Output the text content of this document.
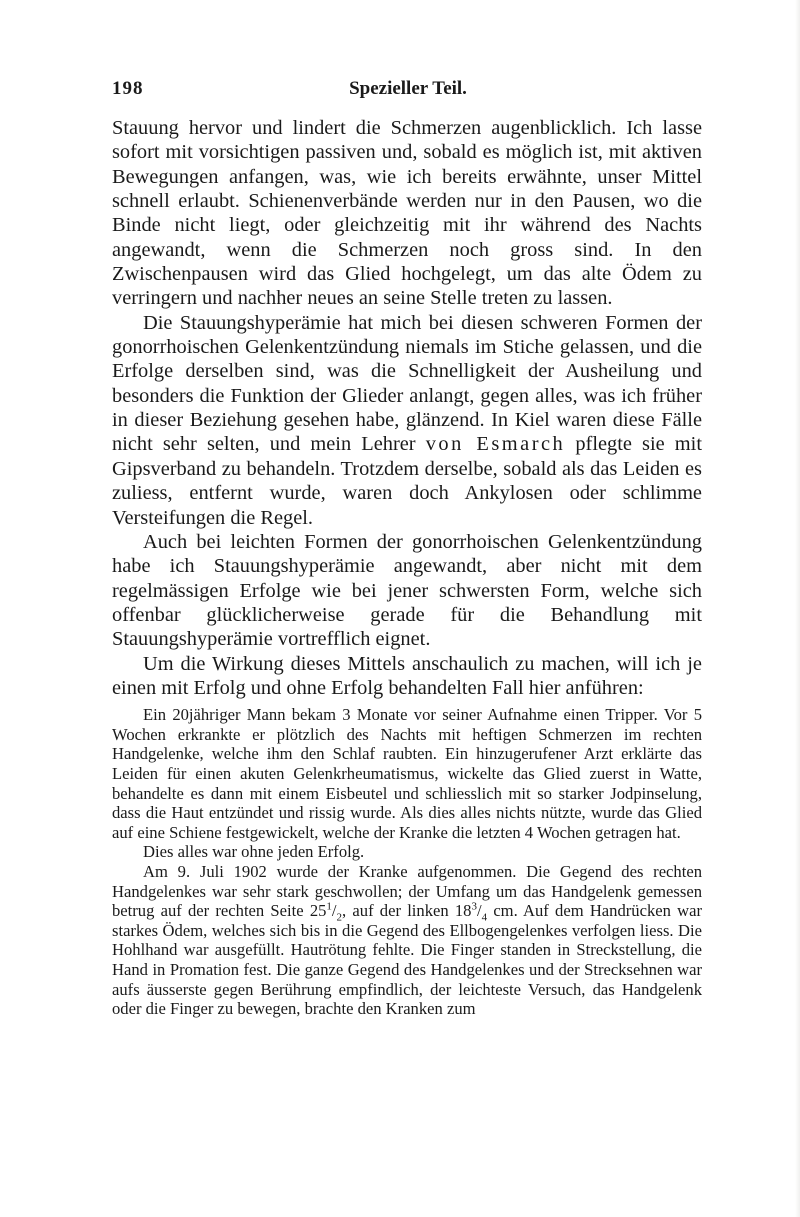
198	Spezieller Teil.

Stauung hervor und lindert die Schmerzen augenblicklich. Ich lasse sofort mit vorsichtigen passiven und, sobald es möglich ist, mit aktiven Bewegungen anfangen, was, wie ich bereits erwähnte, unser Mittel schnell erlaubt. Schienenverbände werden nur in den Pausen, wo die Binde nicht liegt, oder gleichzeitig mit ihr während des Nachts angewandt, wenn die Schmerzen noch gross sind. In den Zwischenpausen wird das Glied hochgelegt, um das alte Ödem zu verringern und nachher neues an seine Stelle treten zu lassen.

Die Stauungshyperämie hat mich bei diesen schweren Formen der gonorrhoischen Gelenkentzündung niemals im Stiche gelassen, und die Erfolge derselben sind, was die Schnelligkeit der Ausheilung und besonders die Funktion der Glieder anlangt, gegen alles, was ich früher in dieser Beziehung gesehen habe, glänzend. In Kiel waren diese Fälle nicht sehr selten, und mein Lehrer von Esmarch pflegte sie mit Gipsverband zu behandeln. Trotzdem derselbe, sobald als das Leiden es zuliess, entfernt wurde, waren doch Ankylosen oder schlimme Versteifungen die Regel.

Auch bei leichten Formen der gonorrhoischen Gelenkentzündung habe ich Stauungshyperämie angewandt, aber nicht mit dem regelmässigen Erfolge wie bei jener schwersten Form, welche sich offenbar glücklicherweise gerade für die Behandlung mit Stauungshyperämie vortrefflich eignet.

Um die Wirkung dieses Mittels anschaulich zu machen, will ich je einen mit Erfolg und ohne Erfolg behandelten Fall hier anführen:

Ein 20jähriger Mann bekam 3 Monate vor seiner Aufnahme einen Tripper. Vor 5 Wochen erkrankte er plötzlich des Nachts mit heftigen Schmerzen im rechten Handgelenke, welche ihm den Schlaf raubten. Ein hinzugerufener Arzt erklärte das Leiden für einen akuten Gelenkrheumatismus, wickelte das Glied zuerst in Watte, behandelte es dann mit einem Eisbeutel und schliesslich mit so starker Jodpinselung, dass die Haut entzündet und rissig wurde. Als dies alles nichts nützte, wurde das Glied auf eine Schiene festgewickelt, welche der Kranke die letzten 4 Wochen getragen hat.

Dies alles war ohne jeden Erfolg.

Am 9. Juli 1902 wurde der Kranke aufgenommen. Die Gegend des rechten Handgelenkes war sehr stark geschwollen; der Umfang um das Handgelenk gemessen betrug auf der rechten Seite $25^1/_2$, auf der linken $18^3/_4$ cm. Auf dem Handrücken war starkes Ödem, welches sich bis in die Gegend des Ellbogengelenkes verfolgen liess. Die Hohlhand war ausgefüllt. Hautrötung fehlte. Die Finger standen in Streckstellung, die Hand in Promation fest. Die ganze Gegend des Handgelenkes und der Strecksehnen war aufs äusserste gegen Berührung empfindlich, der leichteste Versuch, das Handgelenk oder die Finger zu bewegen, brachte den Kranken zum
